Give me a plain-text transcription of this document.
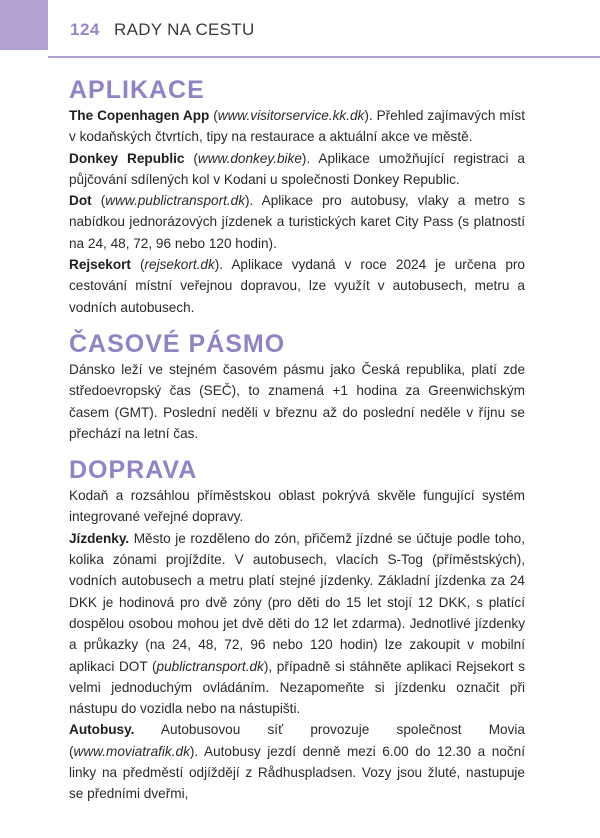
124 RADY NA CESTU
APLIKACE

The Copenhagen App (www.visitorservice.kk.dk). Přehled zajímavých míst v kodaňských čtvrtích, tipy na restaurace a aktuální akce ve městě.

Donkey Republic (www.donkey.bike). Aplikace umožňující registraci a půjčování sdílených kol v Kodani u společnosti Donkey Republic.

Dot (www.publictransport.dk). Aplikace pro autobusy, vlaky a metro s nabídkou jednorázových jízdenek a turistických karet City Pass (s platností na 24, 48, 72, 96 nebo 120 hodin).

Rejsekort (rejsekort.dk). Aplikace vydaná v roce 2024 je určena pro cestování místní veřejnou dopravou, lze využít v autobusech, metru a vodních autobusech.

ČASOVÉ PÁSMO

Dánsko leží ve stejném časovém pásmu jako Česká republika, platí zde středoevropský čas (SEČ), to znamená +1 hodina za Greenwichským časem (GMT). Poslední neděli v březnu až do poslední neděle v říjnu se přechází na letní čas.

DOPRAVA

Kodaň a rozsáhlou příměstskou oblast pokrývá skvěle fungující systém integrované veřejné dopravy.

Jízdenky. Město je rozděleno do zón, přičemž jízdné se účtuje podle toho, kolika zónami projíždíte. V autobusech, vlacích S-Tog (příměstských), vodních autobusech a metru platí stejné jízdenky. Základní jízdenka za 24 DKK je hodinová pro dvě zóny (pro děti do 15 let stojí 12 DKK, s platící dospělou osobou mohou jet dvě děti do 12 let zdarma). Jednotlivé jízdenky a průkazky (na 24, 48, 72, 96 nebo 120 hodin) lze zakoupit v mobilní aplikaci DOT (publictransport.dk), případně si stáhněte aplikaci Rejsekort s velmi jednoduchým ovládáním. Nezapomeňte si jízdenku označit při nástupu do vozidla nebo na nástupišti.

Autobusy. Autobusovou síť provozuje společnost Movia (www.moviatrafik.dk). Autobusy jezdí denně mezi 6.00 do 12.30 a noční linky na předměstí odjíždějí z Rådhuspladsen. Vozy jsou žluté, nastupuje se předními dveřmi,
